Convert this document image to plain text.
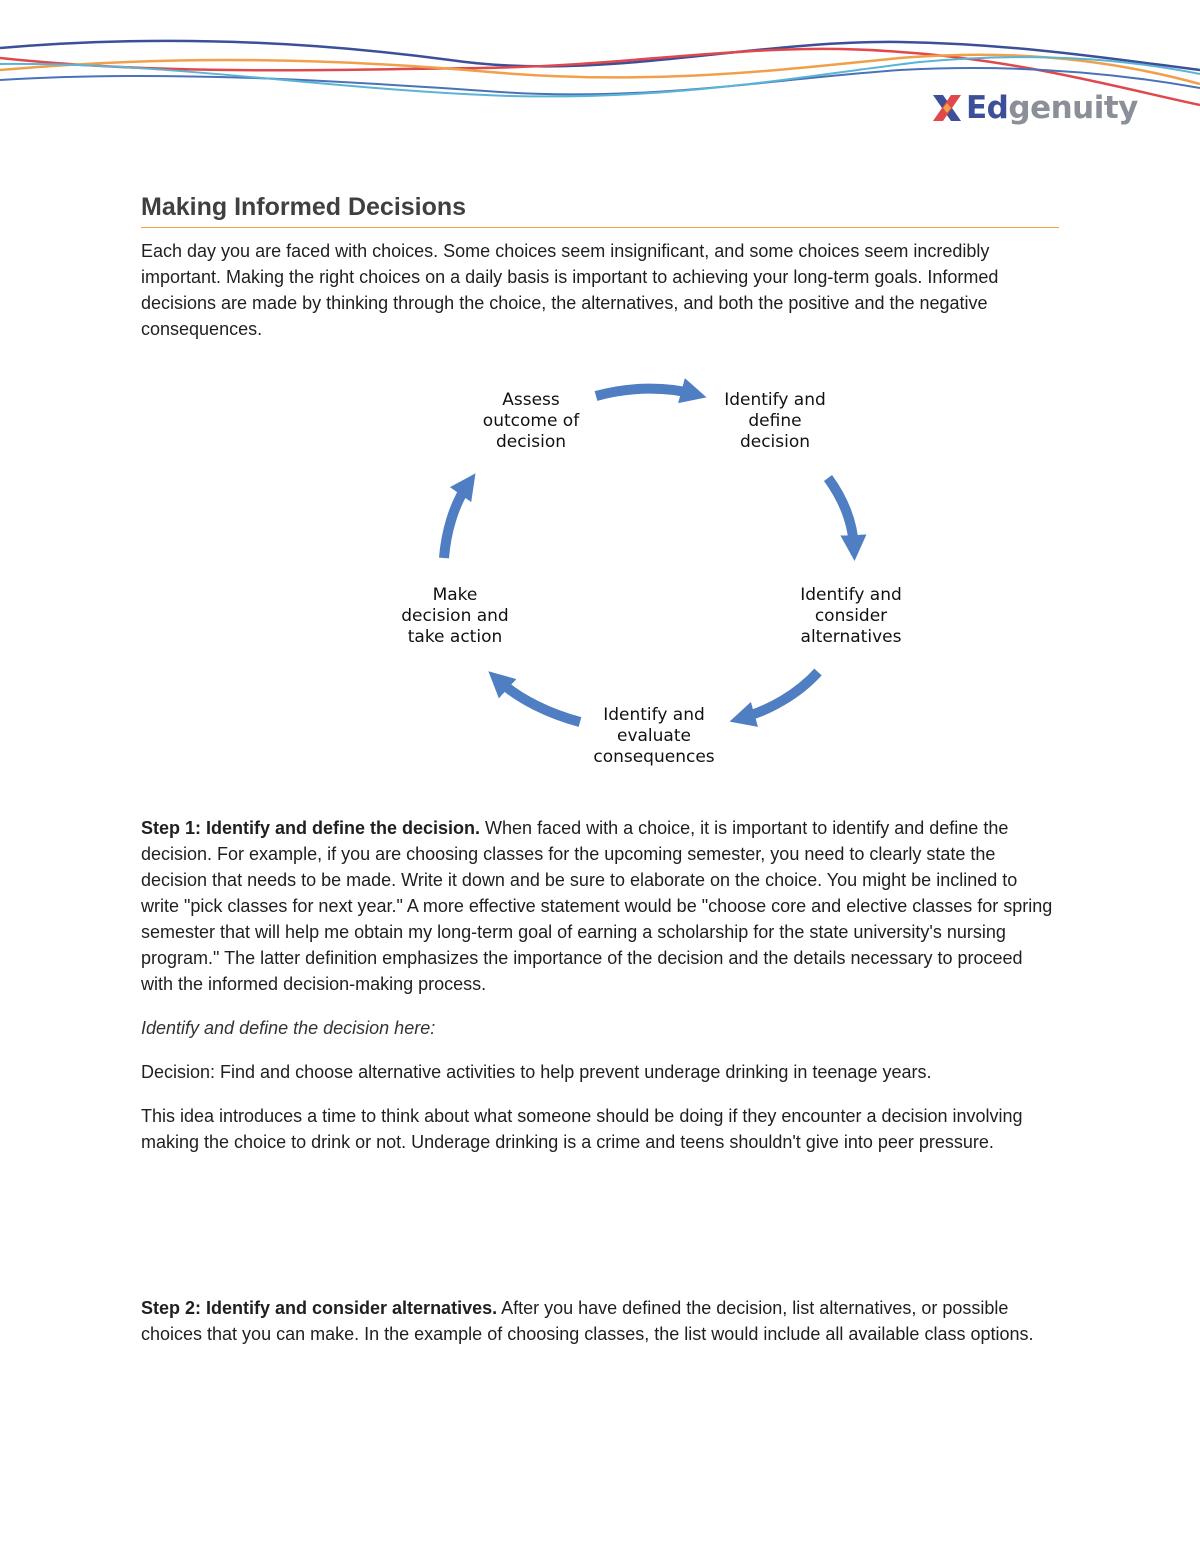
Edgenuity
Making Informed Decisions

Each day you are faced with choices. Some choices seem insignificant, and some choices seem incredibly important. Making the right choices on a daily basis is important to achieving your long-term goals. Informed decisions are made by thinking through the choice, the alternatives, and both the positive and the negative consequences.

Identify and
define
decision
Identify and
consider
alternatives
Identify and
evaluate
consequences
Make
decision and
take action
Assess
outcome of
decision

Step 1: Identify and define the decision. When faced with a choice, it is important to identify and define the decision. For example, if you are choosing classes for the upcoming semester, you need to clearly state the decision that needs to be made. Write it down and be sure to elaborate on the choice. You might be inclined to write "pick classes for next year." A more effective statement would be "choose core and elective classes for spring semester that will help me obtain my long-term goal of earning a scholarship for the state university's nursing program." The latter definition emphasizes the importance of the decision and the details necessary to proceed with the informed decision-making process.

Identify and define the decision here:

Decision: Find and choose alternative activities to help prevent underage drinking in teenage years.

This idea introduces a time to think about what someone should be doing if they encounter a decision involving making the choice to drink or not. Underage drinking is a crime and teens shouldn't give into peer pressure.

Step 2: Identify and consider alternatives. After you have defined the decision, list alternatives, or possible choices that you can make. In the example of choosing classes, the list would include all available class options.
